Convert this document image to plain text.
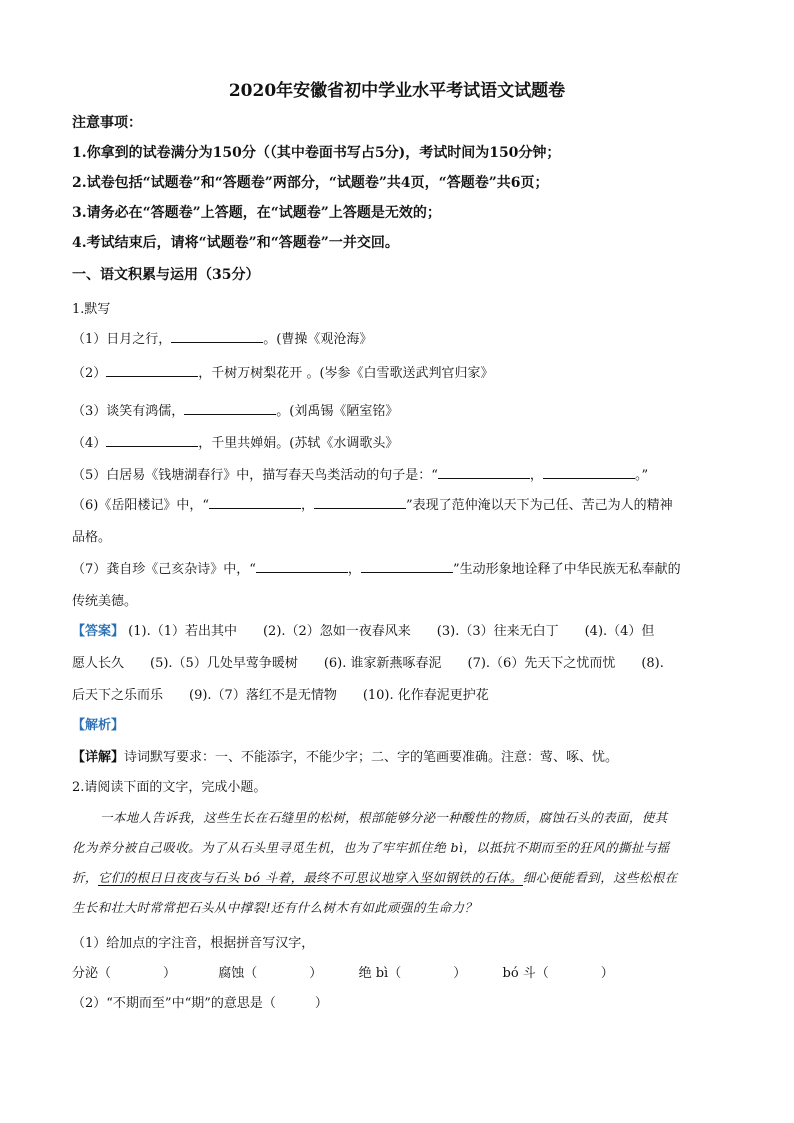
2020年安徽省初中学业水平考试语文试题卷
注意事项：
1.你拿到的试卷满分为150分（（其中卷面书写占5分)，考试时间为150分钟；
2.试卷包括“试题卷”和“答题卷”两部分，“试题卷”共4页，“答题卷”共6页；
3.请务必在“答题卷”上答题，在“试题卷”上答题是无效的；
4.考试结束后，请将“试题卷”和“答题卷”一并交回。
一、语文积累与运用（35分）
1.默写
（1）日月之行，	。(曹操《观沧海》
（2）	，千树万树梨花开 。(岑参《白雪歌送武判官归家》
（3）谈笑有鸿儒，	。(刘禹锡《陋室铭》
（4）	，千里共婵娟。(苏轼《水调歌头》
（5）白居易《钱塘湖春行》中，描写春天鸟类活动的句子是：“	，	。”
（6)《岳阳楼记》中，“	，	”表现了范仲淹以天下为己任、苦己为人的精神
品格。
（7）龚自珍《己亥杂诗》中，“	，	”生动形象地诠释了中华民族无私奉献的
传统美德。
【答案】 (1).（1）若出其中　　(2).（2）忽如一夜春风来　　(3).（3）往来无白丁　　(4).（4）但
愿人长久　　(5).（5）几处早莺争暖树　　(6). 谁家新燕啄春泥　　(7).（6）先天下之忧而忧　　(8).
后天下之乐而乐　　(9).（7）落红不是无情物　　(10). 化作春泥更护花
【解析】
【详解】诗词默写要求：一、不能添字，不能少字；二、字的笔画要准确。注意：莺、啄、忧。
2.请阅读下面的文字，完成小题。
一本地人告诉我，这些生长在石缝里的松树，根部能够分泌一种酸性的物质，腐蚀石头的表面，使其
化为养分被自己吸收。为了从石头里寻觅生机，也为了牢牢抓住绝 bì，以抵抗不期而至的狂风的撕扯与摇
折，它们的根日日夜夜与石头 bó 斗着，最终不可思议地穿入坚如钢铁的石体。细心便能看到，这些松根在
生长和壮大时常常把石头从中撑裂!还有什么树木有如此顽强的生命力？
（1）给加点的字注音，根据拼音写汉字，
分泌（　　　　）	腐蚀（　　　　）	绝 bì（　　　　）	bó 斗（　　　　）
（2）“不期而至”中“期”的意思是（　　　）
